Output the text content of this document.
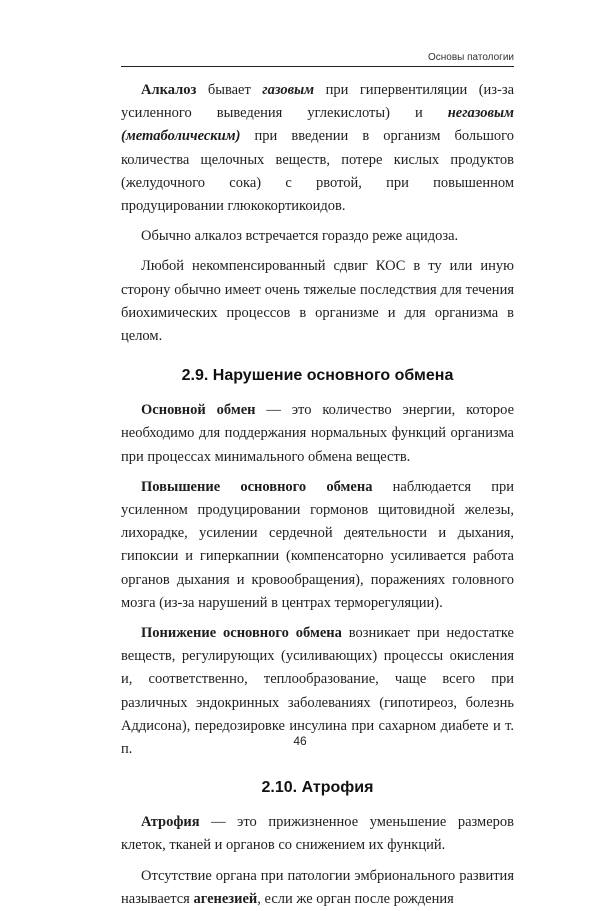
Основы патологии

Алкалоз бывает газовым при гипервентиляции (из-за усиленного выведения углекислоты) и негазовым (метаболическим) при введении в организм большого количества щелочных веществ, потере кислых продуктов (желудочного сока) с рвотой, при повышенном продуцировании глюкокортикоидов.

Обычно алкалоз встречается гораздо реже ацидоза.

Любой некомпенсированный сдвиг КОС в ту или иную сторону обычно имеет очень тяжелые последствия для течения биохимических процессов в организме и для организма в целом.

2.9. Нарушение основного обмена

Основной обмен — это количество энергии, которое необходимо для поддержания нормальных функций организма при процессах минимального обмена веществ.

Повышение основного обмена наблюдается при усиленном продуцировании гормонов щитовидной железы, лихорадке, усилении сердечной деятельности и дыхания, гипоксии и гиперкапнии (компенсаторно усиливается работа органов дыхания и кровообращения), поражениях головного мозга (из-за нарушений в центрах терморегуляции).

Понижение основного обмена возникает при недостатке веществ, регулирующих (усиливающих) процессы окисления и, соответственно, теплообразование, чаще всего при различных эндокринных заболеваниях (гипотиреоз, болезнь Аддисона), передозировке инсулина при сахарном диабете и т. п.

2.10. Атрофия

Атрофия — это прижизненное уменьшение размеров клеток, тканей и органов со снижением их функций.

Отсутствие органа при патологии эмбрионального развития называется агенезией, если же орган после рождения

46
